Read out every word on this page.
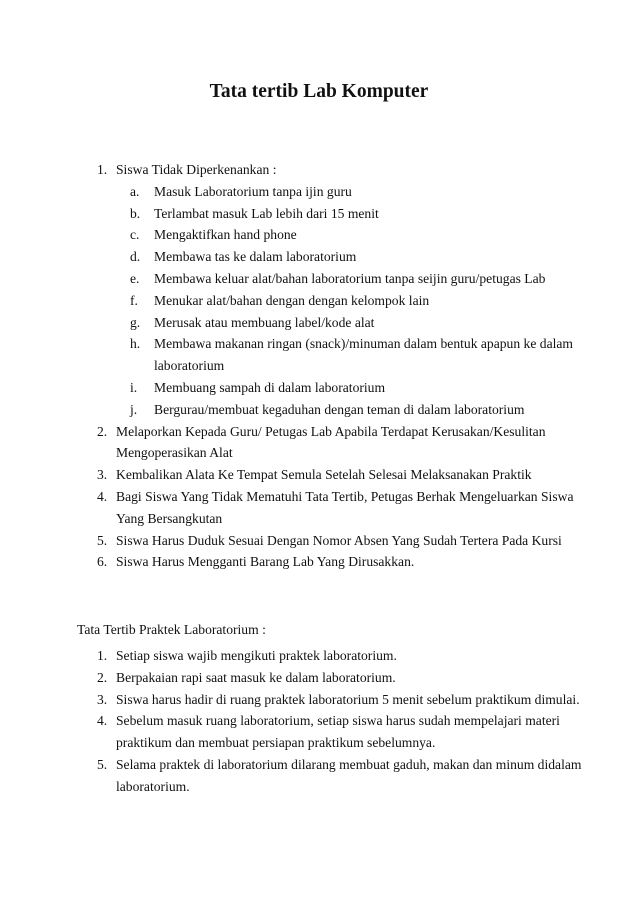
Tata tertib Lab Komputer
1. Siswa Tidak Diperkenankan :
a. Masuk Laboratorium tanpa ijin guru
b. Terlambat masuk Lab lebih dari 15 menit
c. Mengaktifkan hand phone
d. Membawa tas ke dalam laboratorium
e. Membawa keluar alat/bahan laboratorium tanpa seijin guru/petugas Lab
f. Menukar alat/bahan dengan dengan kelompok lain
g. Merusak atau membuang label/kode alat
h. Membawa makanan ringan (snack)/minuman dalam bentuk apapun ke dalam
laboratorium
i. Membuang sampah di dalam laboratorium
j. Bergurau/membuat kegaduhan dengan teman di dalam laboratorium
2. Melaporkan Kepada Guru/ Petugas Lab Apabila Terdapat Kerusakan/Kesulitan
Mengoperasikan Alat
3. Kembalikan Alata Ke Tempat Semula Setelah Selesai Melaksanakan Praktik
4. Bagi Siswa Yang Tidak Mematuhi Tata Tertib, Petugas Berhak Mengeluarkan Siswa
Yang Bersangkutan
5. Siswa Harus Duduk Sesuai Dengan Nomor Absen Yang Sudah Tertera Pada Kursi
6. Siswa Harus Mengganti Barang Lab Yang Dirusakkan.
Tata Tertib Praktek Laboratorium :
1. Setiap siswa wajib mengikuti praktek laboratorium.
2. Berpakaian rapi saat masuk ke dalam laboratorium.
3. Siswa harus hadir di ruang praktek laboratorium 5 menit sebelum praktikum dimulai.
4. Sebelum masuk ruang laboratorium, setiap siswa harus sudah mempelajari materi
praktikum dan membuat persiapan praktikum sebelumnya.
5. Selama praktek di laboratorium dilarang membuat gaduh, makan dan minum didalam
laboratorium.
